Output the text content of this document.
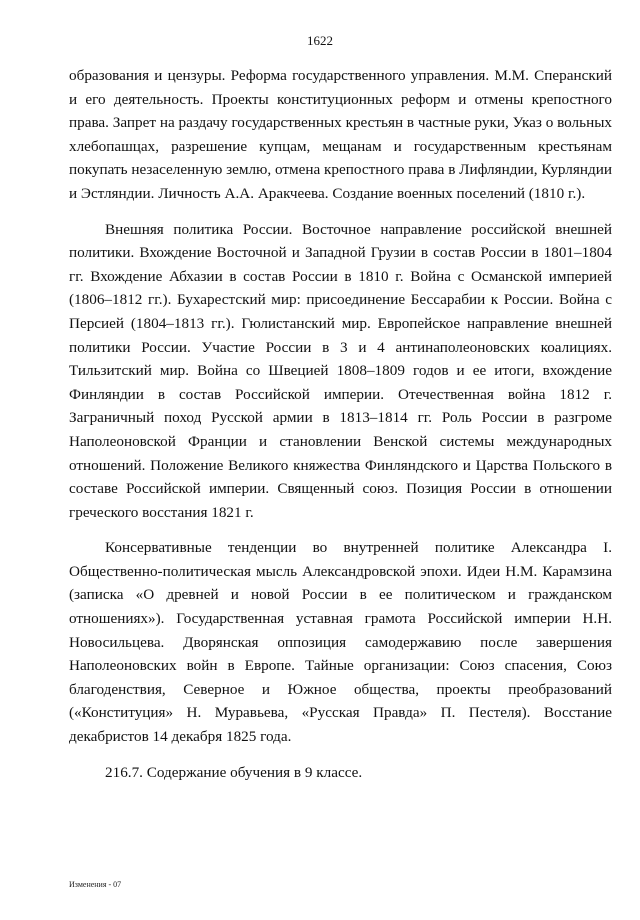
1622

образования и цензуры. Реформа государственного управления. М.М. Сперанский и его деятельность. Проекты конституционных реформ и отмены крепостного права. Запрет на раздачу государственных крестьян в частные руки, Указ о вольных хлебопашцах, разрешение купцам, мещанам и государственным крестьянам покупать незаселенную землю, отмена крепостного права в Лифляндии, Курляндии и Эстляндии. Личность А.А. Аракчеева. Создание военных поселений (1810 г.).

Внешняя политика России. Восточное направление российской внешней политики. Вхождение Восточной и Западной Грузии в состав России в 1801–1804 гг. Вхождение Абхазии в состав России в 1810 г. Война с Османской империей (1806–1812 гг.). Бухарестский мир: присоединение Бессарабии к России. Война с Персией (1804–1813 гг.). Гюлистанский мир. Европейское направление внешней политики России. Участие России в 3 и 4 антинаполеоновских коалициях. Тильзитский мир. Война со Швецией 1808–1809 годов и ее итоги, вхождение Финляндии в состав Российской империи. Отечественная война 1812 г. Заграничный поход Русской армии в 1813–1814 гг. Роль России в разгроме Наполеоновской Франции и становлении Венской системы международных отношений. Положение Великого княжества Финляндского и Царства Польского в составе Российской империи. Священный союз. Позиция России в отношении греческого восстания 1821 г.

Консервативные тенденции во внутренней политике Александра I. Общественно-политическая мысль Александровской эпохи. Идеи Н.М. Карамзина (записка «О древней и новой России в ее политическом и гражданском отношениях»). Государственная уставная грамота Российской империи Н.Н. Новосильцева. Дворянская оппозиция самодержавию после завершения Наполеоновских войн в Европе. Тайные организации: Союз спасения, Союз благоденствия, Северное и Южное общества, проекты преобразований («Конституция» Н. Муравьева, «Русская Правда» П. Пестеля). Восстание декабристов 14 декабря 1825 года.

216.7. Содержание обучения в 9 классе.

Изменения - 07
